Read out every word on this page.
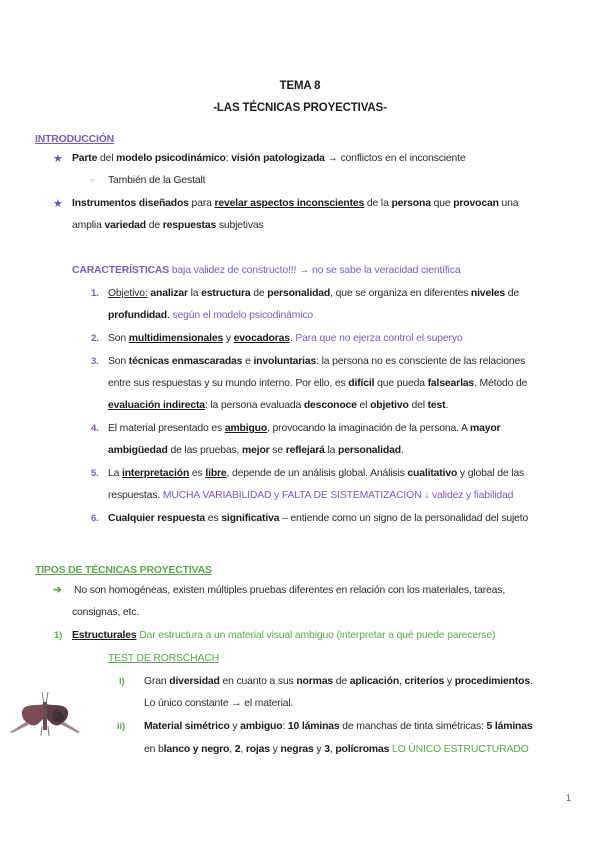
TEMA 8
-LAS TÉCNICAS PROYECTIVAS-
INTRODUCCIÓN
★ Parte del modelo psicodinámico: visión patologizada → conflictos en el inconsciente
○ También de la Gestalt
★ Instrumentos diseñados para revelar aspectos inconscientes de la persona que provocan una
amplia variedad de respuestas subjetivas
CARACTERÍSTICAS baja validez de constructo!!! → no se sabe la veracidad científica
1. Objetivo: analizar la estructura de personalidad, que se organiza en diferentes niveles de
profundidad. según el modelo psicodinámico
2. Son multidimensionales y evocadoras. Para que no ejerza control el superyo
3. Son técnicas enmascaradas e involuntarias: la persona no es consciente de las relaciones
entre sus respuestas y su mundo interno. Por ello, es difícil que pueda falsearlas. Método de
evaluación indirecta: la persona evaluada desconoce el objetivo del test.
4. El material presentado es ambiguo, provocando la imaginación de la persona. A mayor
ambigüedad de las pruebas, mejor se reflejará la personalidad.
5. La interpretación es libre, depende de un análisis global. Análisis cualitativo y global de las
respuestas. MUCHA VARIABILIDAD y FALTA DE SISTEMATIZACIÓN ↓ validez y fiabilidad
6. Cualquier respuesta es significativa – entiende como un signo de la personalidad del sujeto
TIPOS DE TÉCNICAS PROYECTIVAS
➔ No son homogéneas, existen múltiples pruebas diferentes en relación con los materiales, tareas,
consignas, etc.
1) Estructurales Dar estructura a un material visual ambiguo (interpretar a qué puede parecerse)
TEST DE RORSCHACH
i) Gran diversidad en cuanto a sus normas de aplicación, criterios y procedimientos.
Lo único constante → el material.
ii) Material simétrico y ambiguo: 10 láminas de manchas de tinta simétricas: 5 láminas
en blanco y negro, 2, rojas y negras y 3, polícromas LO ÚNICO ESTRUCTURADO
1
